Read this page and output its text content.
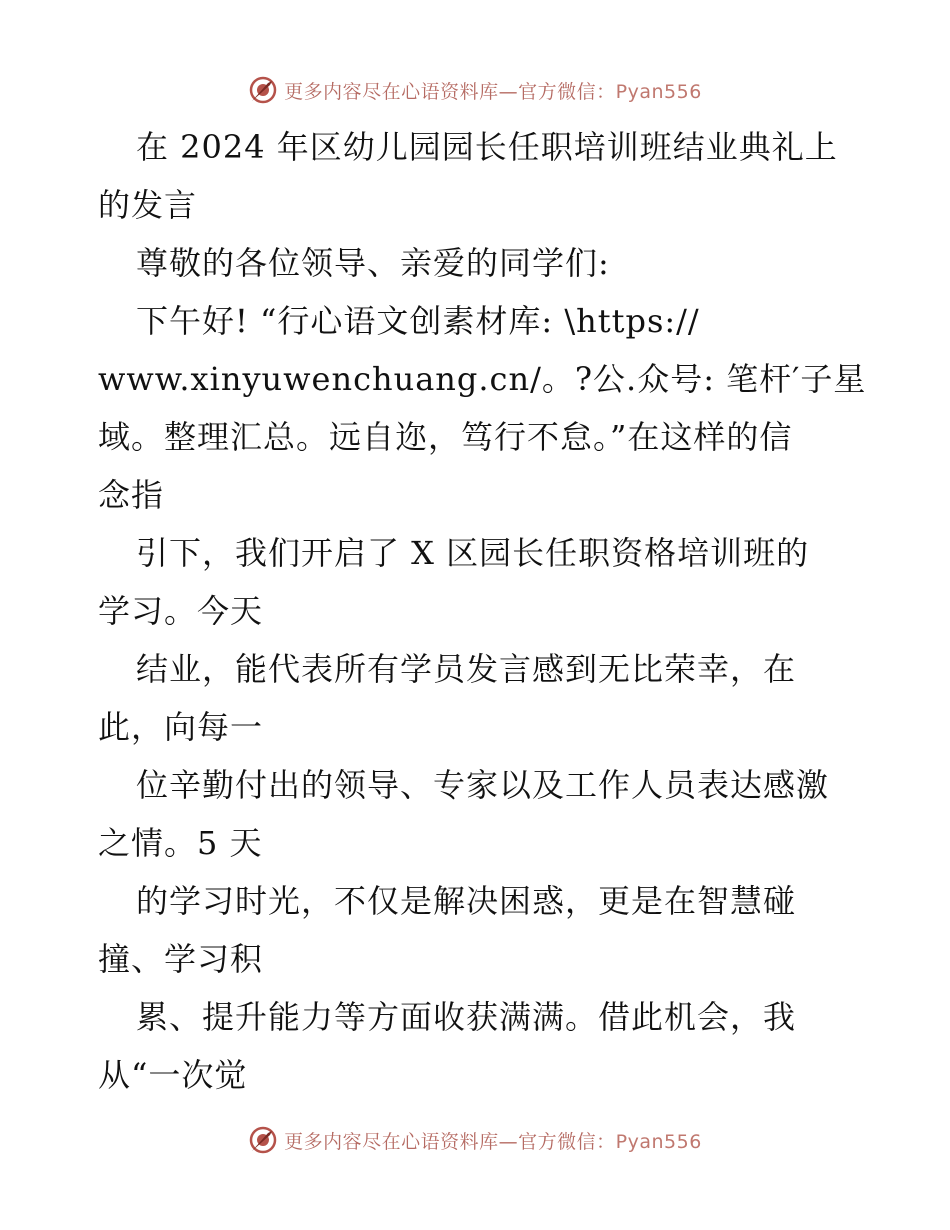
更多内容尽在心语资料库—官方微信：Pyan556
在 2024 年区幼儿园园长任职培训班结业典礼上
的发言
尊敬的各位领导、亲爱的同学们:
下午好! “行心语文创素材库: \https://
www.xinyuwenchuang.cn/。?公.众号: 笔杆′子星
域。整理汇总。远自迩，笃行不怠。”在这样的信
念指
引下，我们开启了 X 区园长任职资格培训班的
学习。今天
结业，能代表所有学员发言感到无比荣幸，在
此，向每一
位辛勤付出的领导、专家以及工作人员表达感激
之情。5 天
的学习时光，不仅是解决困惑，更是在智慧碰
撞、学习积
累、提升能力等方面收获满满。借此机会，我
从“一次觉
更多内容尽在心语资料库—官方微信：Pyan556
